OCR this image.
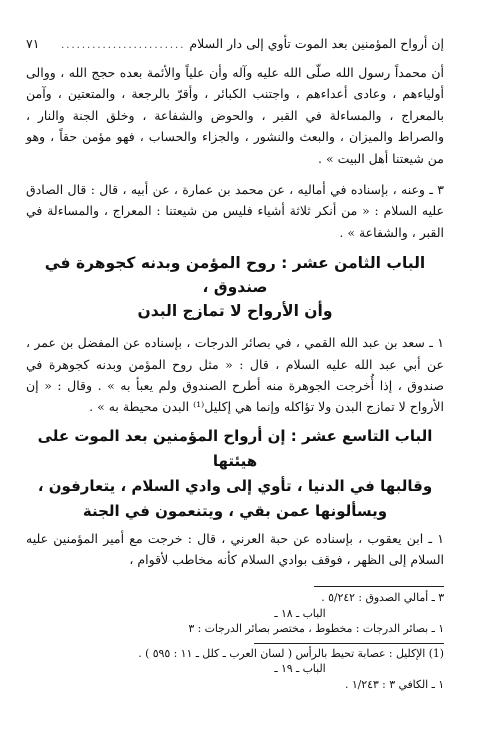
إن أرواح المؤمنين بعد الموت تأوي إلى دار السلام
........................
٧١

أن محمداً رسول الله صلّى الله عليه وآله وأن علياً والأئمة بعده حجج الله ، ووالى أولياءهم ، وعادى أعداءهم ، واجتنب الكبائر ، وأقرّ بالرجعة ، والمتعتين ، وآمن بالمعراج ، والمساءلة في القبر ، والحوض والشفاعة ، وخلق الجنة والنار ، والصراط والميزان ، والبعث والنشور ، والجزاء والحساب ، فهو مؤمن حقاً ، وهو من شيعتنا أهل البيت » .

٣ ـ وعنه ، بإسناده في أماليه ، عن محمد بن عمارة ، عن أبيه ، قال : قال الصادق عليه السلام : « من أنكر ثلاثة أشياء فليس من شيعتنا : المعراج ، والمساءلة في القبر ، والشفاعة » .

الباب الثامن عشر : روح المؤمن وبدنه كجوهرة في صندوق ،
وأن الأرواح لا تمازج البدن

١ ـ سعد بن عبد الله القمي ، في بصائر الدرجات ، بإسناده عن المفضل بن عمر ، عن أبي عبد الله عليه السلام ، قال : « مثل روح المؤمن وبدنه كجوهرة في صندوق ، إذا أُخرجت الجوهرة منه أطرح الصندوق ولم يعبأ به » . وقال : « إن الأرواح لا تمازج البدن ولا تؤاكله وإنما هي إكليل⁽¹⁾ البدن محيطة به » .

الباب التاسع عشر : إن أرواح المؤمنين بعد الموت على هيئتها
وقالبها في الدنيا ، تأوي إلى وادي السلام ، يتعارفون ،
ويسألونها عمن بقي ، ويتنعمون في الجنة

١ ـ ابن يعقوب ، بإسناده عن حبة العرني ، قال : خرجت مع أمير المؤمنين عليه السلام إلى الظهر ، فوقف بوادي السلام كأنه مخاطب لأقوام ،

٣ ـ أمالي الصدوق : ٥/٢٤٢ .

الباب ـ ١٨ ـ

١ ـ بصائر الدرجات : مخطوط ، مختصر بصائر الدرجات : ٣

(1) الإكليل : عصابة تحيط بالرأس ( لسان العرب ـ كلل ـ ١١ : ٥٩٥ ) .

الباب ـ ١٩ ـ

١ ـ الكافي ٣ : ١/٢٤٣ .
